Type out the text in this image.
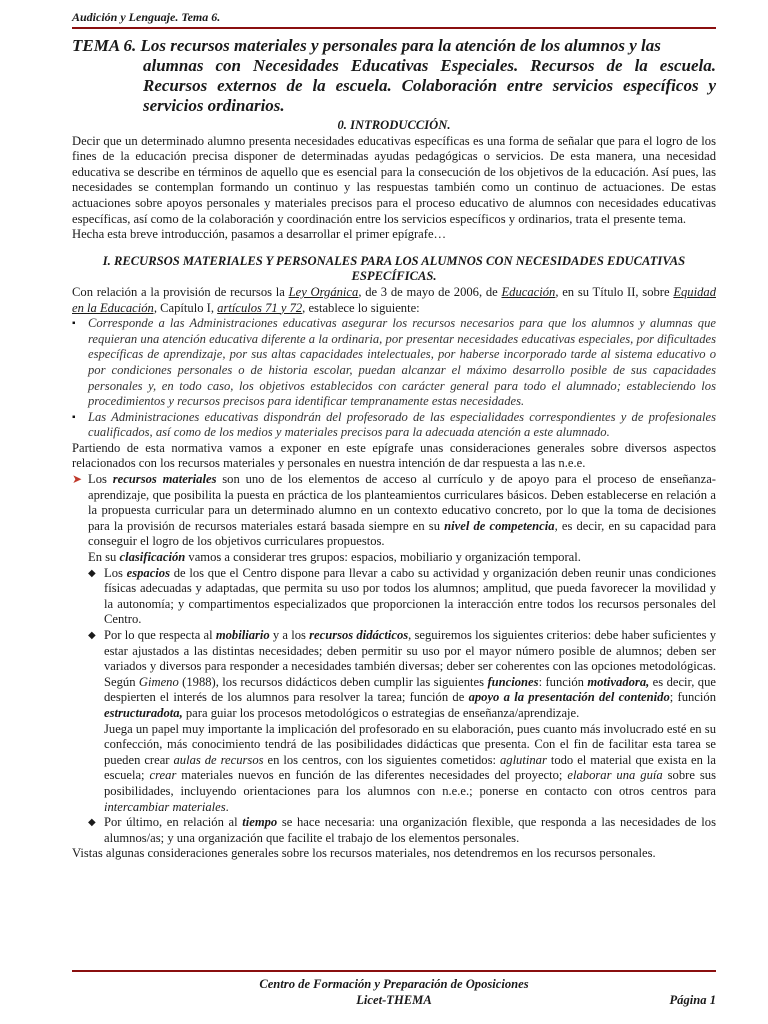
Audición y Lenguaje. Tema 6.
TEMA 6. Los recursos materiales y personales para la atención de los alumnos y las
alumnas con Necesidades Educativas Especiales. Recursos de la escuela. Recursos externos de la escuela. Colaboración entre servicios específicos y servicios ordinarios.
0. INTRODUCCIÓN.

Decir que un determinado alumno presenta necesidades educativas específicas es una forma de señalar que para el logro de los fines de la educación precisa disponer de determinadas ayudas pedagógicas o servicios. De esta manera, una necesidad educativa se describe en términos de aquello que es esencial para la consecución de los objetivos de la educación. Así pues, las necesidades se contemplan formando un continuo y las respuestas también como un continuo de actuaciones. De estas actuaciones sobre apoyos personales y materiales precisos para el proceso educativo de alumnos con necesidades educativas específicas, así como de la colaboración y coordinación entre los servicios específicos y ordinarios, trata el presente tema.

Hecha esta breve introducción, pasamos a desarrollar el primer epígrafe…

I. RECURSOS MATERIALES Y PERSONALES PARA LOS ALUMNOS CON NECESIDADES EDUCATIVAS ESPECÍFICAS.

Con relación a la provisión de recursos la Ley Orgánica, de 3 de mayo de 2006, de Educación, en su Título II, sobre Equidad en la Educación, Capítulo I, artículos 71 y 72, establece lo siguiente:

▪ Corresponde a las Administraciones educativas asegurar los recursos necesarios para que los alumnos y alumnas que requieran una atención educativa diferente a la ordinaria, por presentar necesidades educativas especiales, por dificultades específicas de aprendizaje, por sus altas capacidades intelectuales, por haberse incorporado tarde al sistema educativo o por condiciones personales o de historia escolar, puedan alcanzar el máximo desarrollo posible de sus capacidades personales y, en todo caso, los objetivos establecidos con carácter general para todo el alumnado; estableciendo los procedimientos y recursos precisos para identificar tempranamente estas necesidades.
▪ Las Administraciones educativas dispondrán del profesorado de las especialidades correspondientes y de profesionales cualificados, así como de los medios y materiales precisos para la adecuada atención a este alumnado.

Partiendo de esta normativa vamos a exponer en este epígrafe unas consideraciones generales sobre diversos aspectos relacionados con los recursos materiales y personales en nuestra intención de dar respuesta a las n.e.e.

➤ Los recursos materiales son uno de los elementos de acceso al currículo y de apoyo para el proceso de enseñanza-aprendizaje, que posibilita la puesta en práctica de los planteamientos curriculares básicos. Deben establecerse en relación a la propuesta curricular para un determinado alumno en un contexto educativo concreto, por lo que la toma de decisiones para la provisión de recursos materiales estará basada siempre en su nivel de competencia, es decir, en su capacidad para conseguir el logro de los objetivos curriculares propuestos.

En su clasificación vamos a considerar tres grupos: espacios, mobiliario y organización temporal.

◆ Los espacios de los que el Centro dispone para llevar a cabo su actividad y organización deben reunir unas condiciones físicas adecuadas y adaptadas, que permita su uso por todos los alumnos; amplitud, que pueda favorecer la movilidad y la autonomía; y compartimentos especializados que proporcionen la interacción entre todos los recursos personales del Centro.
◆ Por lo que respecta al mobiliario y a los recursos didácticos, seguiremos los siguientes criterios: debe haber suficientes y estar ajustados a las distintas necesidades; deben permitir su uso por el mayor número posible de alumnos; deben ser variados y diversos para responder a necesidades también diversas; deber ser coherentes con las opciones metodológicas. Según Gimeno (1988), los recursos didácticos deben cumplir las siguientes funciones: función motivadora, es decir, que despierten el interés de los alumnos para resolver la tarea; función de apoyo a la presentación del contenido; función estructuradota, para guiar los procesos metodológicos o estrategias de enseñanza/aprendizaje.

Juega un papel muy importante la implicación del profesorado en su elaboración, pues cuanto más involucrado esté en su confección, más conocimiento tendrá de las posibilidades didácticas que presenta. Con el fin de facilitar esta tarea se pueden crear aulas de recursos en los centros, con los siguientes cometidos: aglutinar todo el material que exista en la escuela; crear materiales nuevos en función de las diferentes necesidades del proyecto; elaborar una guía sobre sus posibilidades, incluyendo orientaciones para los alumnos con n.e.e.; ponerse en contacto con otros centros para intercambiar materiales.

◆ Por último, en relación al tiempo se hace necesaria: una organización flexible, que responda a las necesidades de los alumnos/as; y una organización que facilite el trabajo de los elementos personales.

Vistas algunas consideraciones generales sobre los recursos materiales, nos detendremos en los recursos personales.

Centro de Formación y Preparación de Oposiciones
Licet-THEMA	Página 1
